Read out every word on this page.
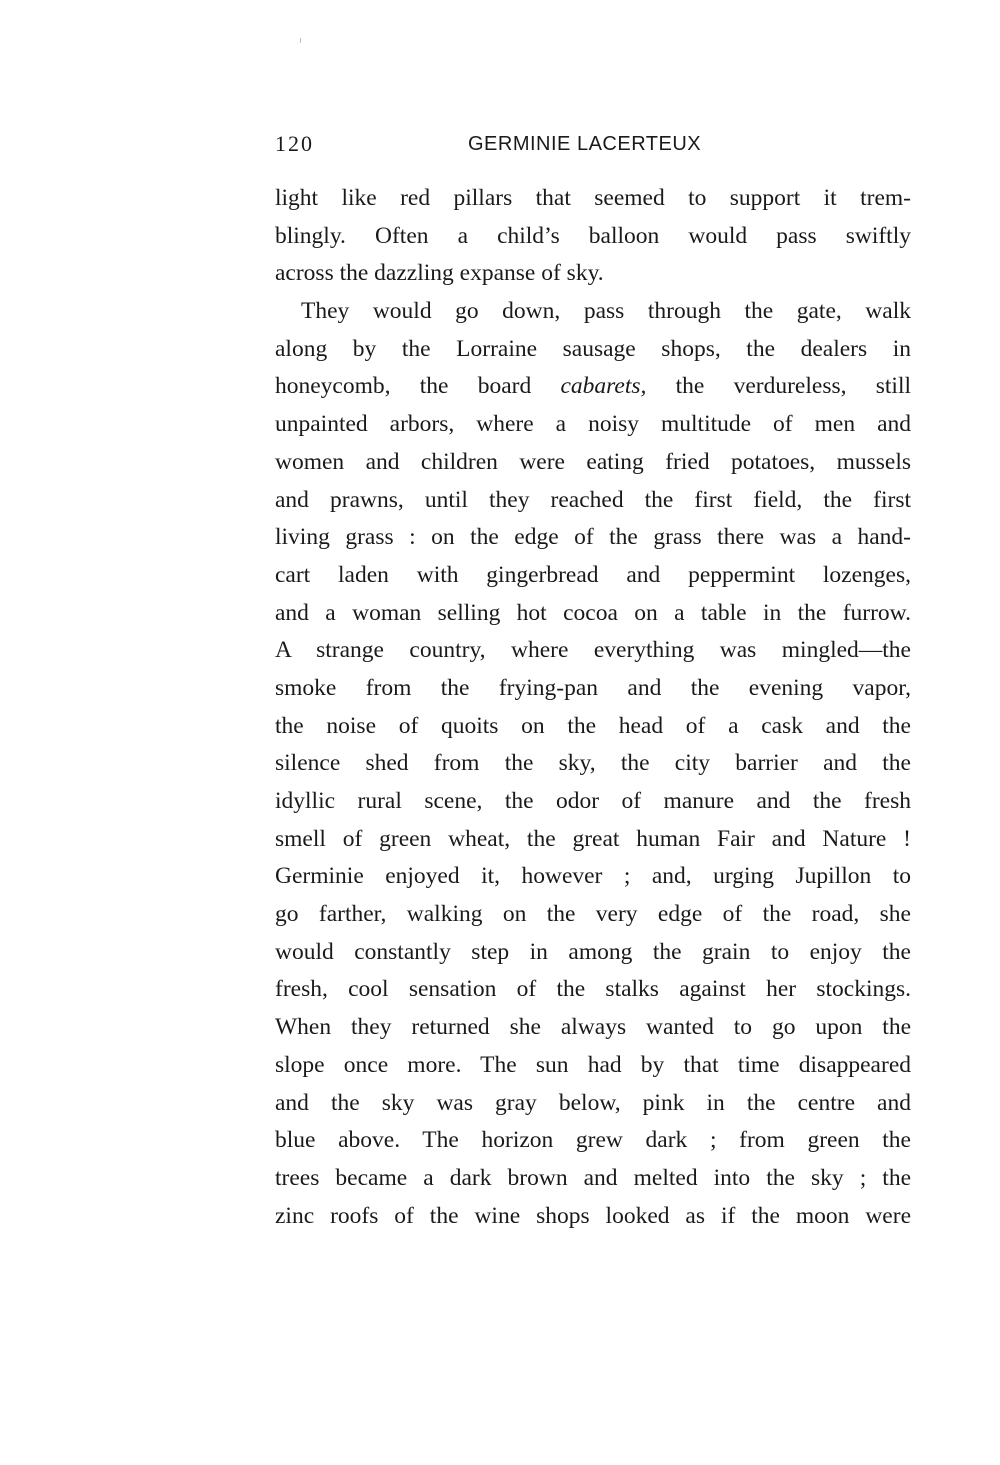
120	GERMINIE LACERTEUX
light like red pillars that seemed to support it trem-
blingly. Often a child’s balloon would pass swiftly
across the dazzling expanse of sky.
They would go down, pass through the gate, walk
along by the Lorraine sausage shops, the dealers in
honeycomb, the board cabarets, the verdureless, still
unpainted arbors, where a noisy multitude of men and
women and children were eating fried potatoes, mussels
and prawns, until they reached the first field, the first
living grass : on the edge of the grass there was a hand-
cart laden with gingerbread and peppermint lozenges,
and a woman selling hot cocoa on a table in the furrow.
A strange country, where everything was mingled—the
smoke from the frying-pan and the evening vapor,
the noise of quoits on the head of a cask and the
silence shed from the sky, the city barrier and the
idyllic rural scene, the odor of manure and the fresh
smell of green wheat, the great human Fair and Nature !
Germinie enjoyed it, however ; and, urging Jupillon to
go farther, walking on the very edge of the road, she
would constantly step in among the grain to enjoy the
fresh, cool sensation of the stalks against her stockings.
When they returned she always wanted to go upon the
slope once more. The sun had by that time disappeared
and the sky was gray below, pink in the centre and
blue above. The horizon grew dark ; from green the
trees became a dark brown and melted into the sky ; the
zinc roofs of the wine shops looked as if the moon were
